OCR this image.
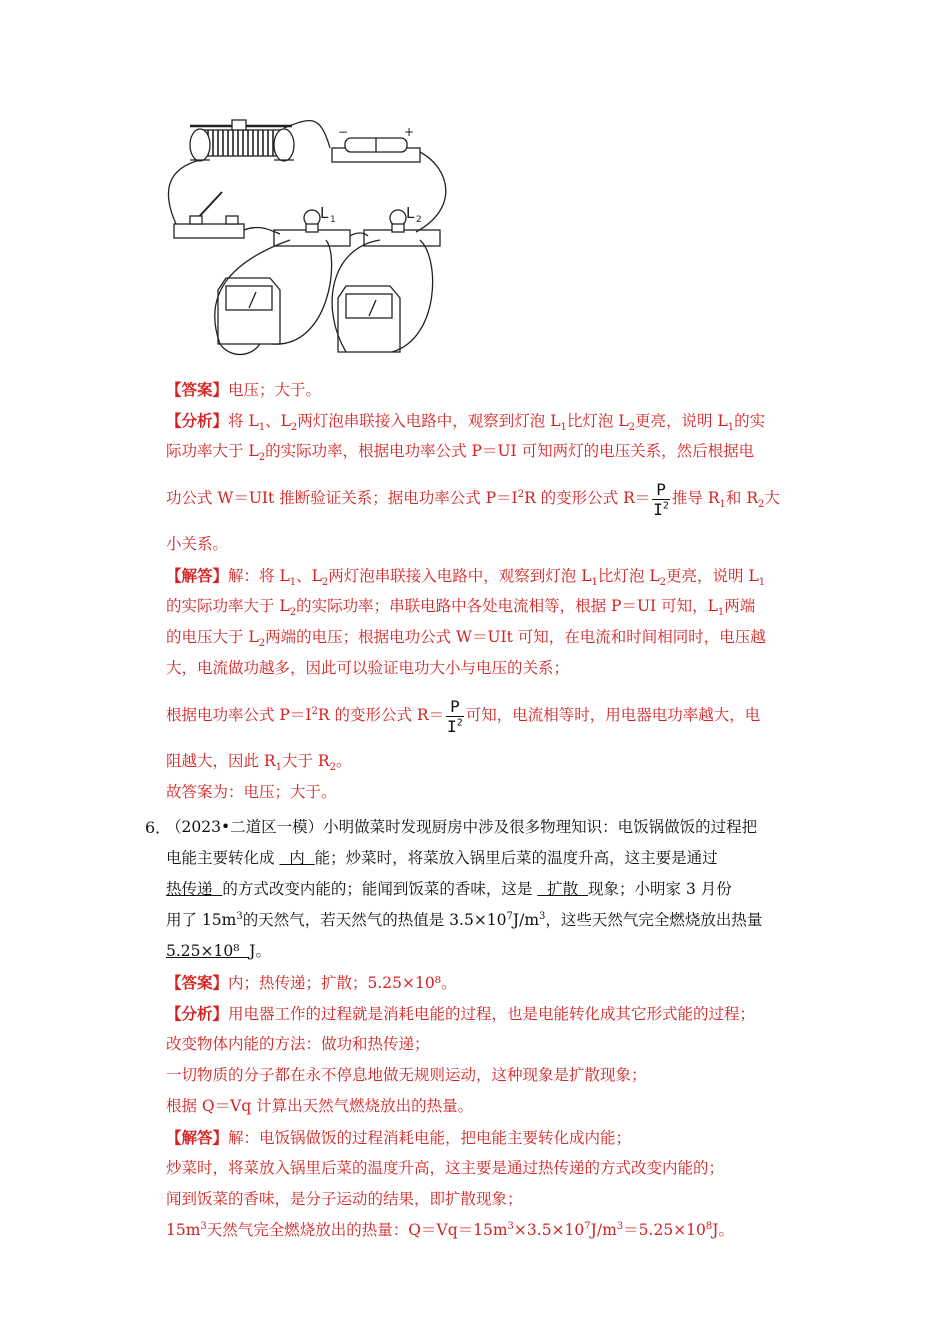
L 1	L 2
−	+
【答案】电压；大于。
【分析】将 $L_1$、$L_2$两灯泡串联接入电路中，观察到灯泡 $L_1$比灯泡 $L_2$更亮，说明 $L_1$的实
际功率大于 $L_2$的实际功率，根据电功率公式 P＝UI 可知两灯的电压关系，然后根据电
功公式 W＝UIt 推断验证关系；据电功率公式 $P=I^2R$ 的变形公式 $R= \frac{P}{I^2}$ 推导 $R_1$和 $R_2$大
小关系。
【解答】解：将 $L_1$、$L_2$两灯泡串联接入电路中，观察到灯泡 $L_1$比灯泡 $L_2$更亮，说明 $L_1$
的实际功率大于 $L_2$的实际功率；串联电路中各处电流相等，根据 P＝UI 可知，$L_1$两端
的电压大于 $L_2$两端的电压；根据电功公式 W＝UIt 可知，在电流和时间相同时，电压越
大，电流做功越多，因此可以验证电功大小与电压的关系；
根据电功率公式 $P=I^2R$ 的变形公式 $R= \frac{P}{I^2}$ 可知，电流相等时，用电器电功率越大，电
阻越大，因此 $R_1$大于 $R_2$。
故答案为：电压；大于。
6．
（2023•二道区一模）小明做菜时发现厨房中涉及很多物理知识：电饭锅做饭的过程把
电能主要转化成   内  能；炒菜时，将菜放入锅里后菜的温度升高，这主要是通过
热传递  的方式改变内能的；能闻到饭菜的香味，这是   扩散  现象；小明家 3 月份
用了 $15m^3$的天然气，若天然气的热值是 $3.5\times 10^7J/m^3$，这些天然气完全燃烧放出热量
5.25×10⁸  J。
【答案】内；热传递；扩散；5.25×10⁸。
【分析】用电器工作的过程就是消耗电能的过程，也是电能转化成其它形式能的过程；
改变物体内能的方法：做功和热传递；
一切物质的分子都在永不停息地做无规则运动，这种现象是扩散现象；
根据 Q＝Vq 计算出天然气燃烧放出的热量。
【解答】解：电饭锅做饭的过程消耗电能，把电能主要转化成内能；
炒菜时，将菜放入锅里后菜的温度升高，这主要是通过热传递的方式改变内能的；
闻到饭菜的香味，是分子运动的结果，即扩散现象；
$15m^3$天然气完全燃烧放出的热量：$Q=Vq=15m^3\times 3.5\times 10^7J/m^3=5.25\times 10^8J$。
